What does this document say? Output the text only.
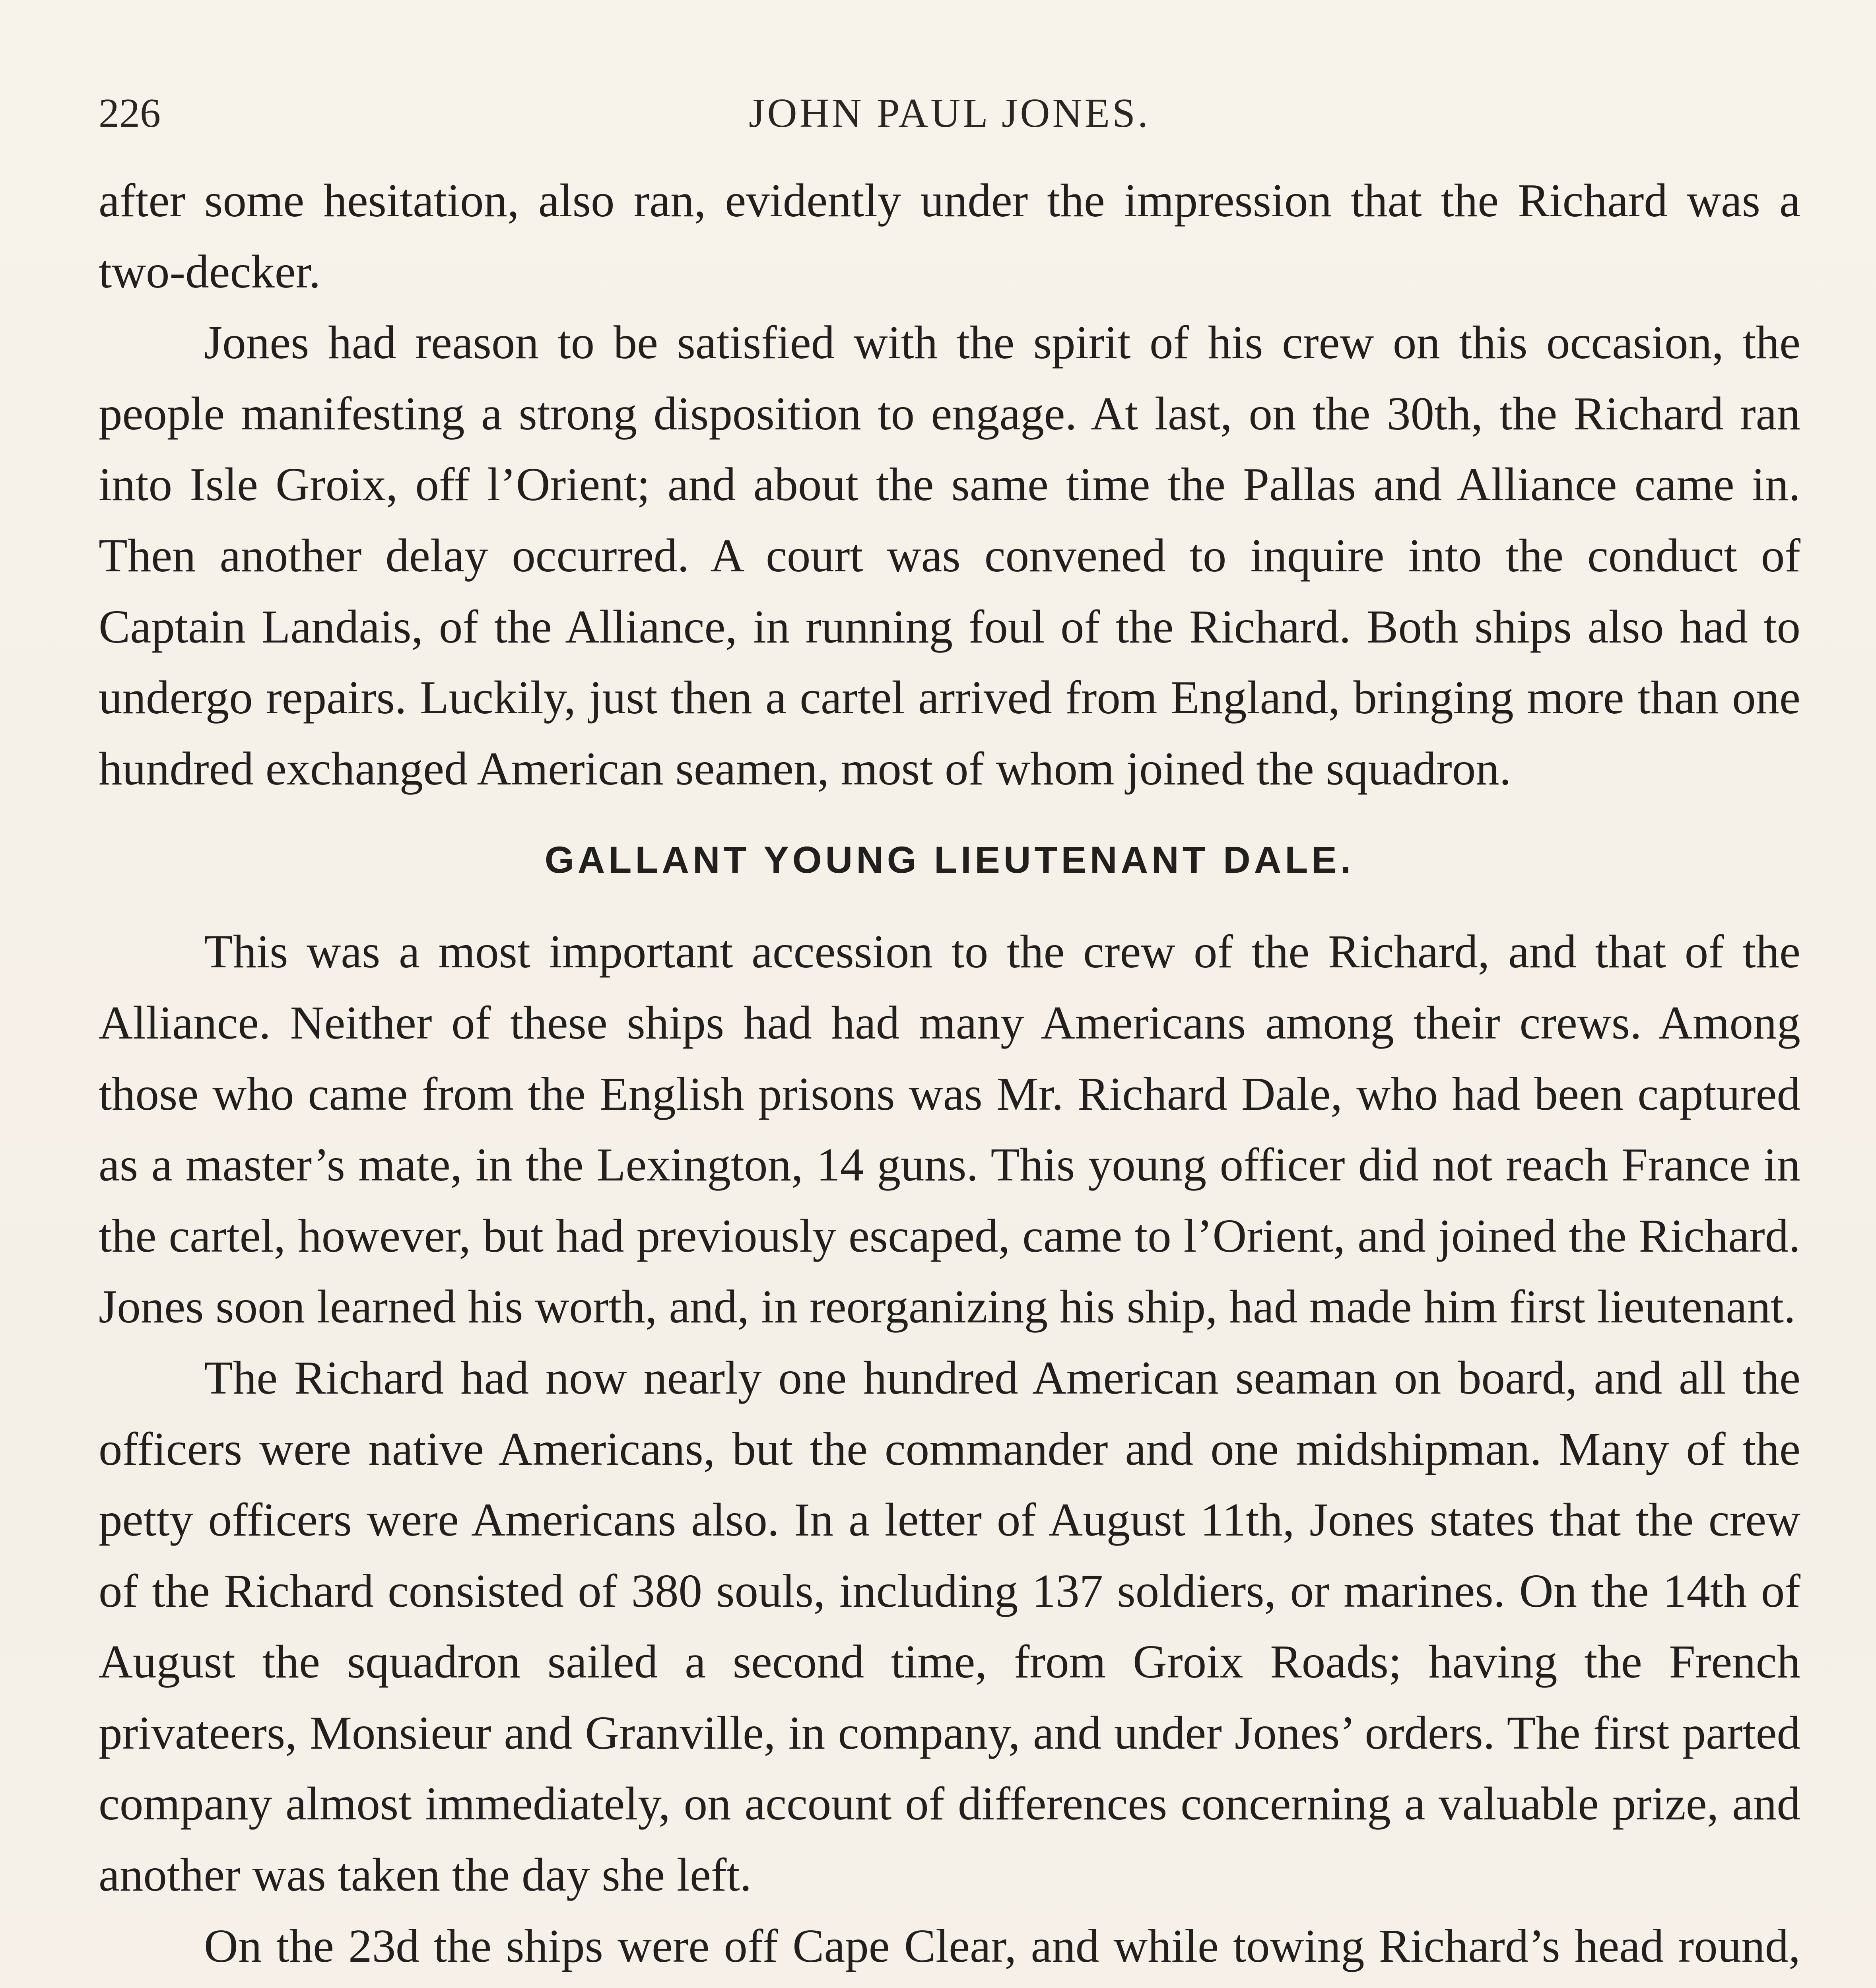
226	JOHN PAUL JONES.

after some hesitation, also ran, evidently under the impression that the Richard was a two-decker.

Jones had reason to be satisfied with the spirit of his crew on this occasion, the people manifesting a strong disposition to engage. At last, on the 30th, the Richard ran into Isle Groix, off l’Orient; and about the same time the Pallas and Alliance came in. Then another delay occurred. A court was convened to inquire into the conduct of Captain Landais, of the Alliance, in running foul of the Richard. Both ships also had to undergo repairs. Luckily, just then a cartel arrived from England, bringing more than one hundred exchanged American seamen, most of whom joined the squadron.

GALLANT YOUNG LIEUTENANT DALE.

This was a most important accession to the crew of the Richard, and that of the Alliance. Neither of these ships had had many Americans among their crews. Among those who came from the English prisons was Mr. Richard Dale, who had been captured as a master’s mate, in the Lexington, 14 guns. This young officer did not reach France in the cartel, however, but had previously escaped, came to l’Orient, and joined the Richard. Jones soon learned his worth, and, in reorganizing his ship, had made him first lieutenant.

The Richard had now nearly one hundred American seaman on board, and all the officers were native Americans, but the commander and one midshipman. Many of the petty officers were Americans also. In a letter of August 11th, Jones states that the crew of the Richard consisted of 380 souls, including 137 soldiers, or marines. On the 14th of August the squadron sailed a second time, from Groix Roads; having the French privateers, Monsieur and Granville, in company, and under Jones’ orders. The first parted company almost immediately, on account of differences concerning a valuable prize, and another was taken the day she left.

On the 23d the ships were off Cape Clear, and while towing Richard’s head round,
